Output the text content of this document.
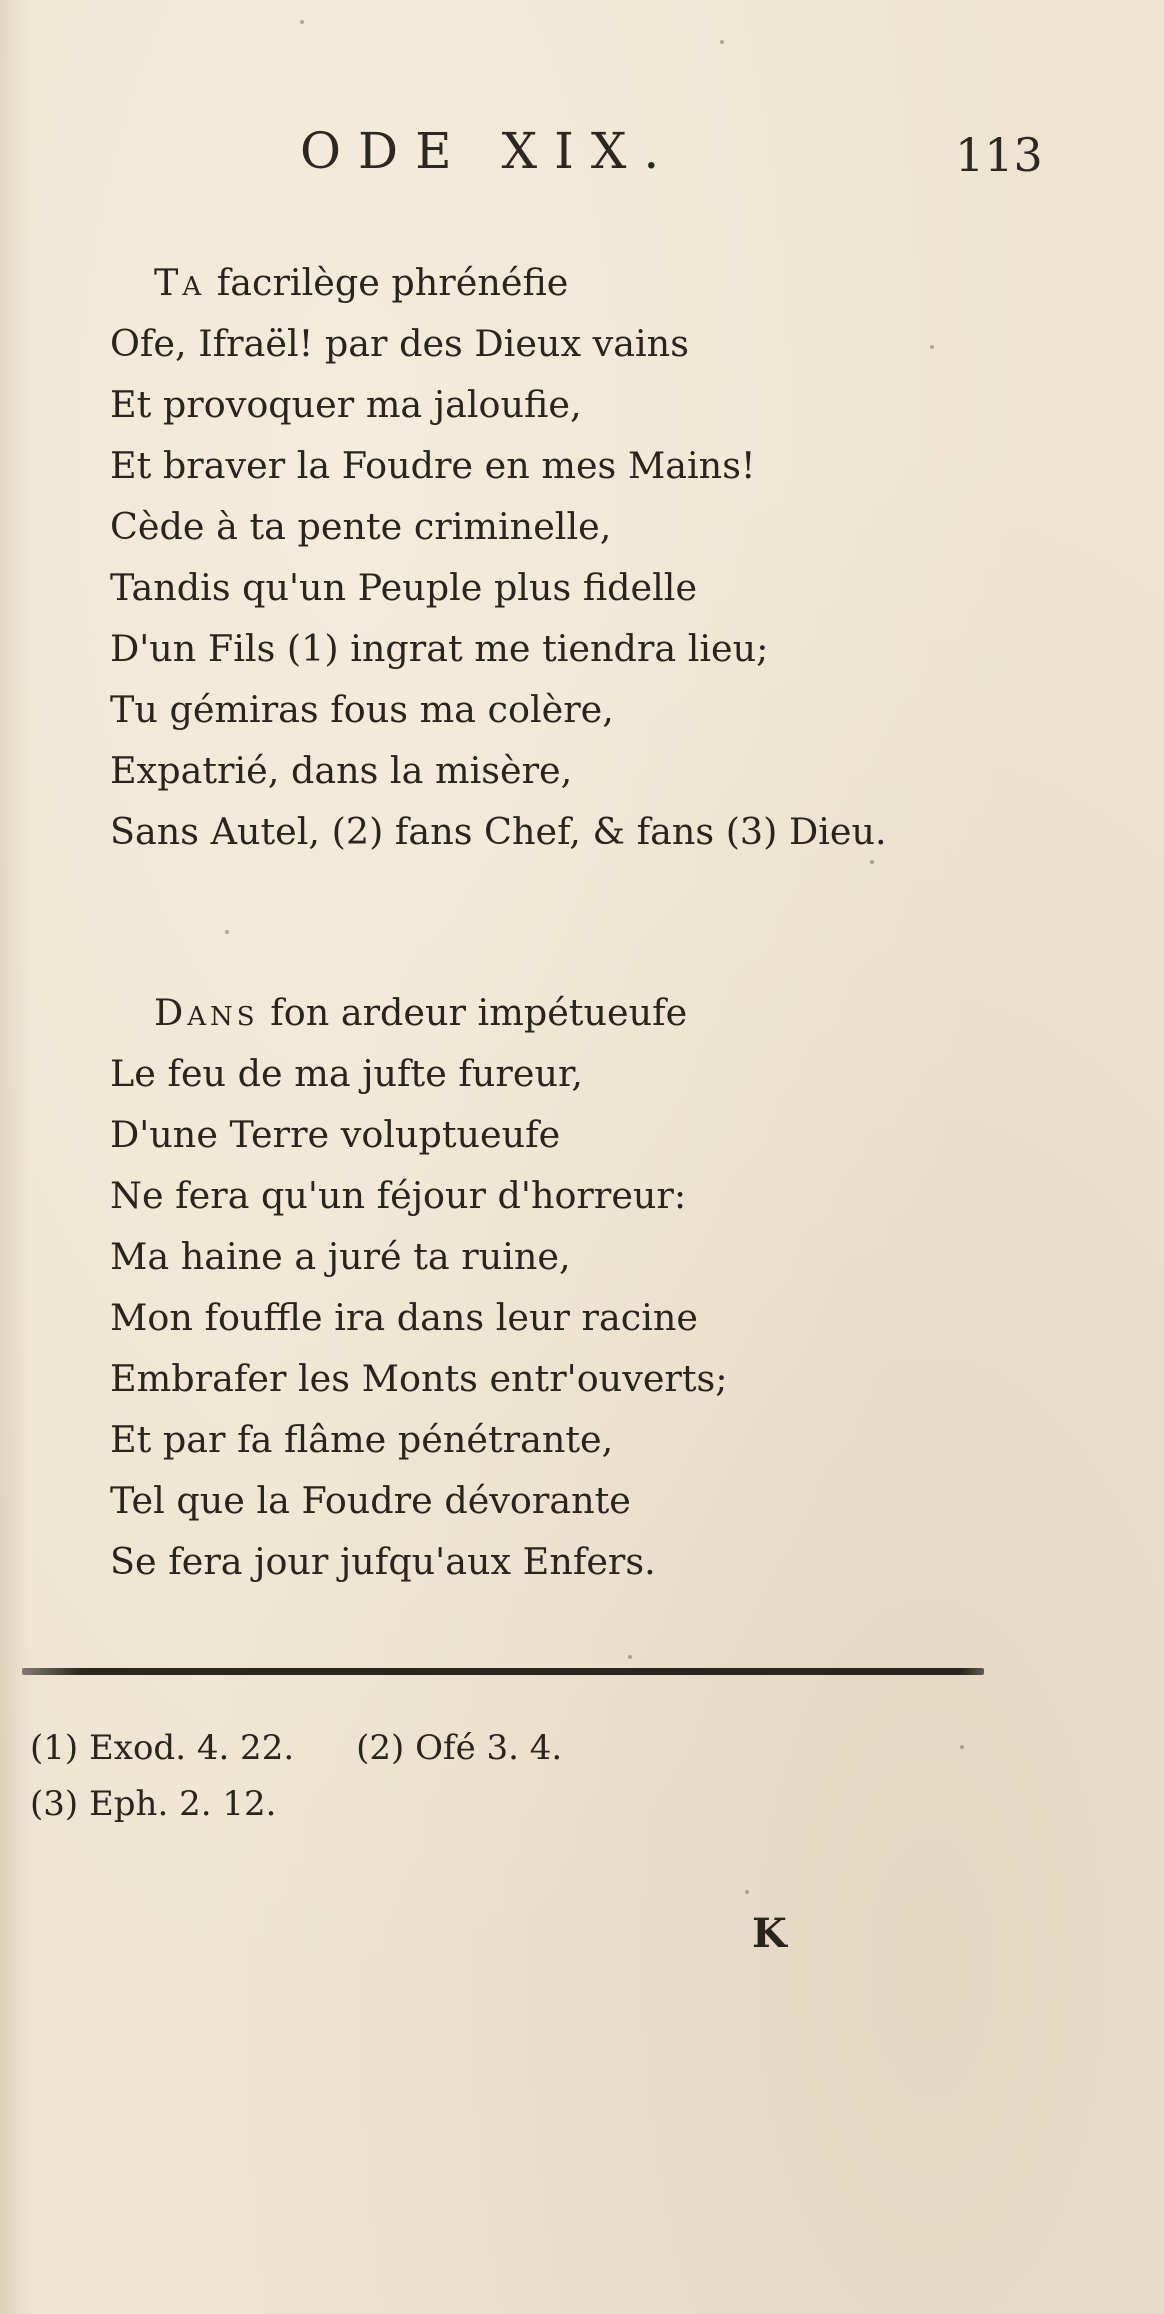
ODE XIX.	113
Ta facrilège phrénéfie
Ofe, Ifraël! par des Dieux vains
Et provoquer ma jaloufie,
Et braver la Foudre en mes Mains!
Cède à ta pente criminelle,
Tandis qu'un Peuple plus fidelle
D'un Fils (1) ingrat me tiendra lieu;
Tu gémiras fous ma colère,
Expatrié, dans la misère,
Sans Autel, (2) fans Chef, & fans (3) Dieu.
Dans fon ardeur impétueufe
Le feu de ma jufte fureur,
D'une Terre voluptueufe
Ne fera qu'un féjour d'horreur:
Ma haine a juré ta ruine,
Mon fouffle ira dans leur racine
Embrafer les Monts entr'ouverts;
Et par fa flâme pénétrante,
Tel que la Foudre dévorante
Se fera jour jufqu'aux Enfers.
(1) Exod. 4. 22. (2) Ofé 3. 4.
(3) Eph. 2. 12.
K
